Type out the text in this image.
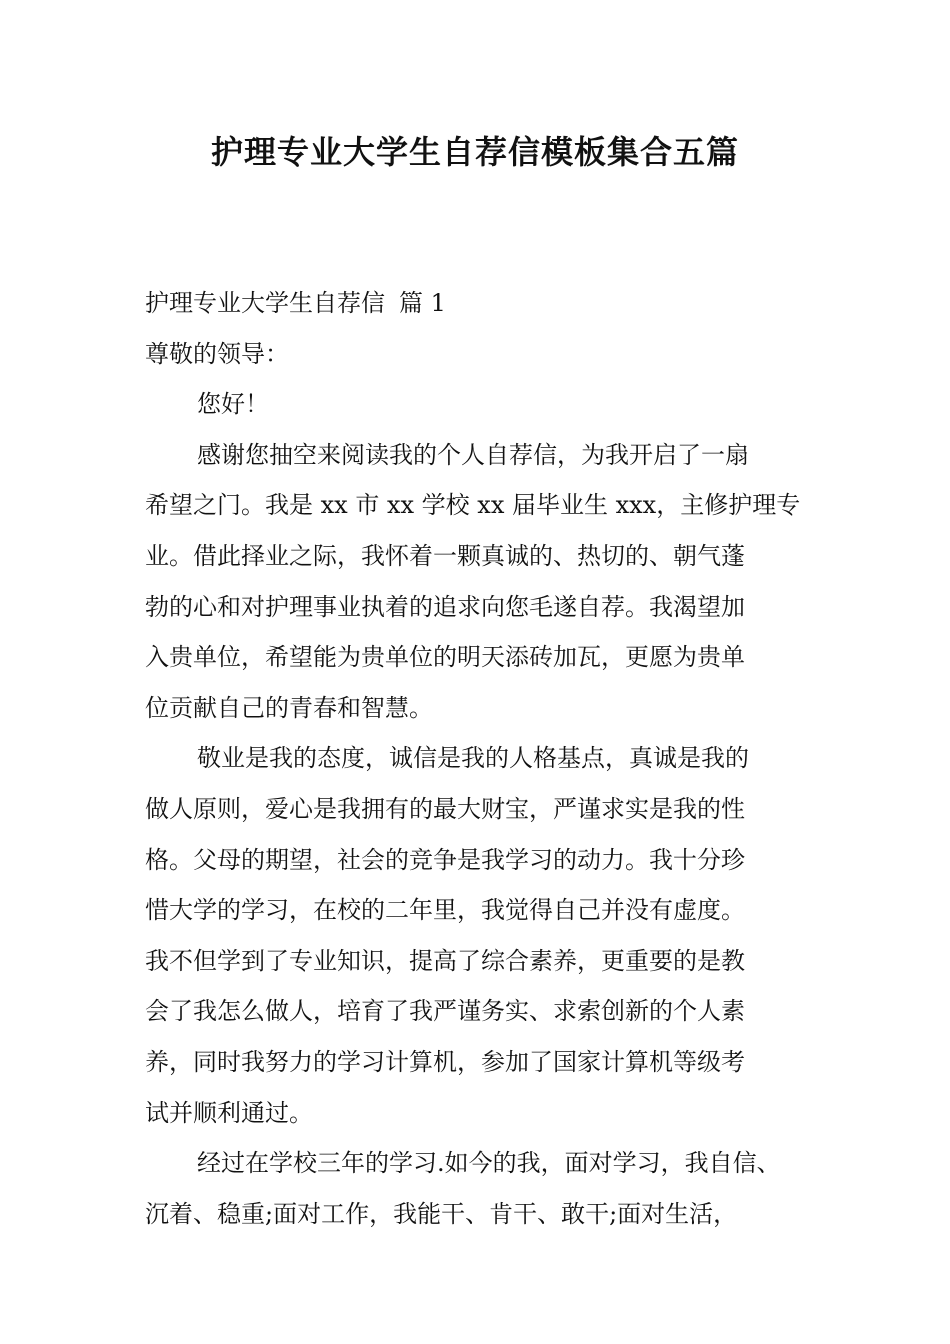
护理专业大学生自荐信模板集合五篇
护理专业大学生自荐信 篇 1
尊敬的领导：
您好！
感谢您抽空来阅读我的个人自荐信，为我开启了一扇
希望之门。我是 xx 市 xx 学校 xx 届毕业生 xxx，主修护理专
业。借此择业之际，我怀着一颗真诚的、热切的、朝气蓬
勃的心和对护理事业执着的追求向您毛遂自荐。我渴望加
入贵单位，希望能为贵单位的明天添砖加瓦，更愿为贵单
位贡献自己的青春和智慧。
敬业是我的态度，诚信是我的人格基点，真诚是我的
做人原则，爱心是我拥有的最大财宝，严谨求实是我的性
格。父母的期望，社会的竞争是我学习的动力。我十分珍
惜大学的学习，在校的二年里，我觉得自己并没有虚度。
我不但学到了专业知识，提高了综合素养，更重要的是教
会了我怎么做人，培育了我严谨务实、求索创新的个人素
养，同时我努力的学习计算机，参加了国家计算机等级考
试并顺利通过。
经过在学校三年的学习.如今的我，面对学习，我自信、
沉着、稳重;面对工作，我能干、肯干、敢干;面对生活，
